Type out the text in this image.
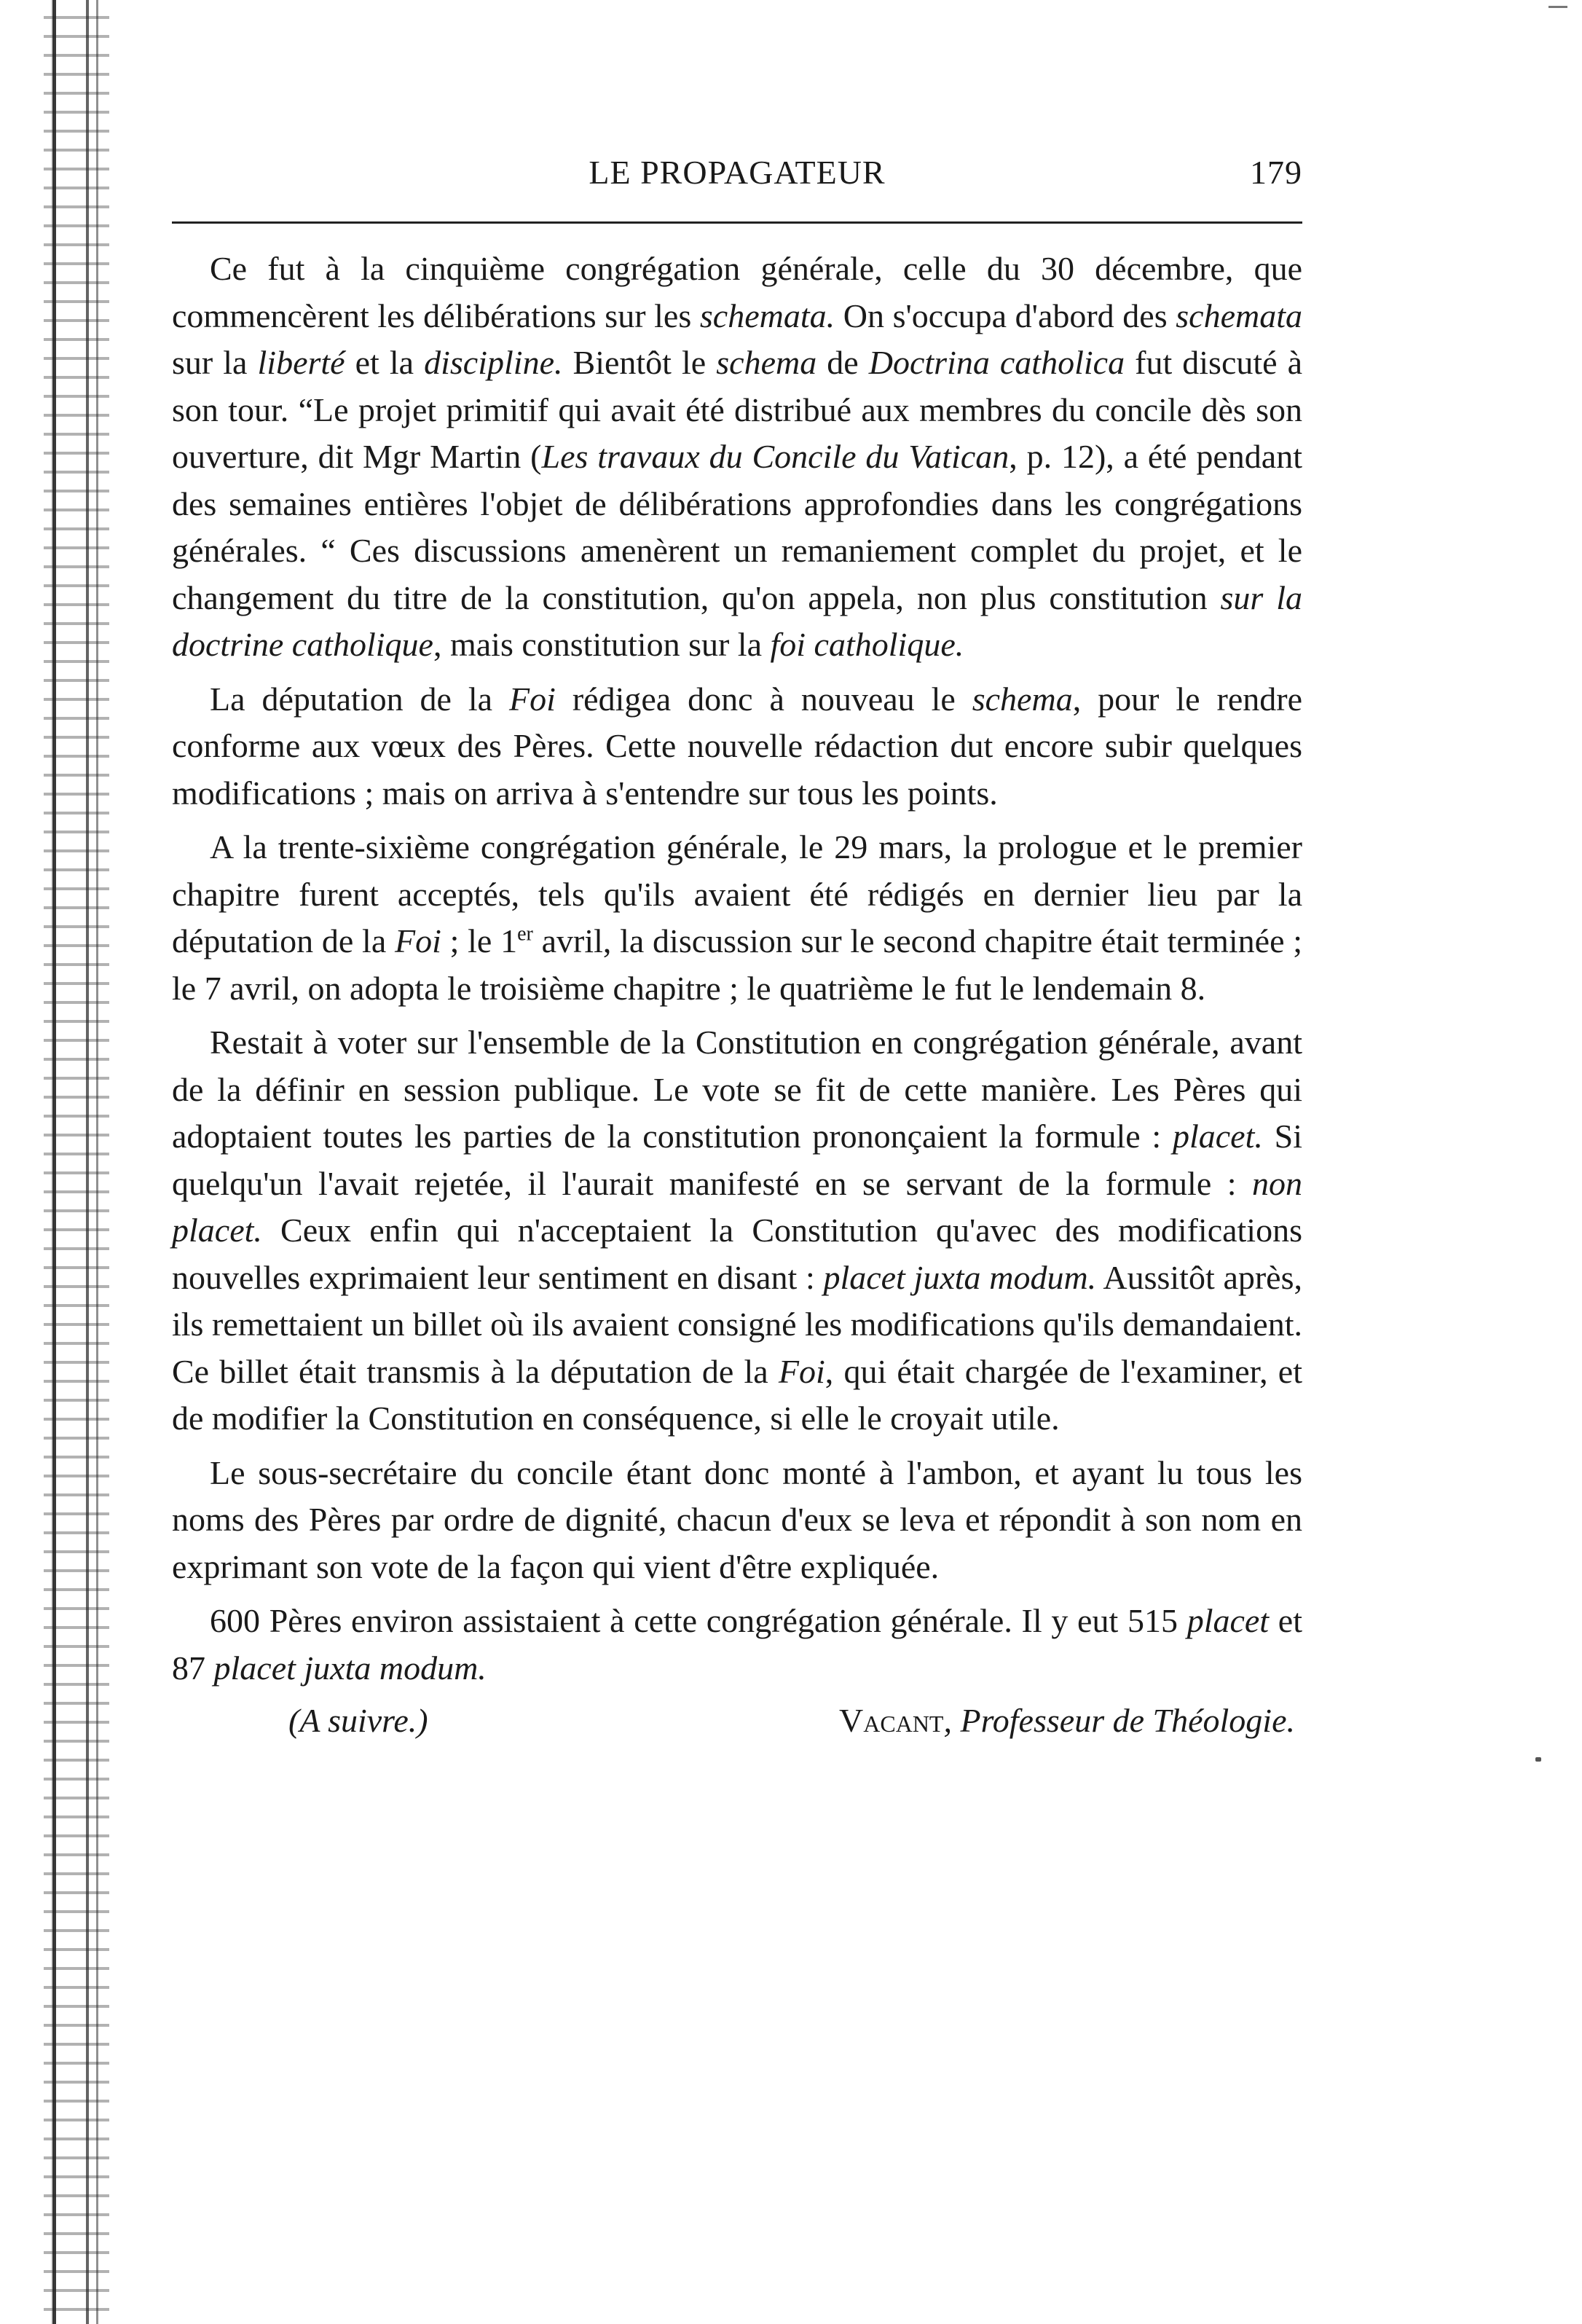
LE PROPAGATEUR	179

Ce fut à la cinquième congrégation générale, celle du 30 décembre, que commencèrent les délibérations sur les schemata. On s'occupa d'abord des schemata sur la liberté et la discipline. Bientôt le schema de Doctrina catholica fut discuté à son tour. “Le projet primitif qui avait été distribué aux membres du concile dès son ouverture, dit Mgr Martin (Les travaux du Concile du Vatican, p. 12), a été pendant des semaines entières l'objet de délibérations approfondies dans les congrégations générales. “ Ces discussions amenèrent un remaniement complet du projet, et le changement du titre de la constitution, qu'on appela, non plus constitution sur la doctrine catholique, mais constitution sur la foi catholique.

La députation de la Foi rédigea donc à nouveau le schema, pour le rendre conforme aux vœux des Pères. Cette nouvelle rédaction dut encore subir quelques modifications ; mais on arriva à s'entendre sur tous les points.

A la trente-sixième congrégation générale, le 29 mars, la prologue et le premier chapitre furent acceptés, tels qu'ils avaient été rédigés en dernier lieu par la députation de la Foi ; le 1er avril, la discussion sur le second chapitre était terminée ; le 7 avril, on adopta le troisième chapitre ; le quatrième le fut le lendemain 8.

Restait à voter sur l'ensemble de la Constitution en congrégation générale, avant de la définir en session publique. Le vote se fit de cette manière. Les Pères qui adoptaient toutes les parties de la constitution prononçaient la formule : placet. Si quelqu'un l'avait rejetée, il l'aurait manifesté en se servant de la formule : non placet. Ceux enfin qui n'acceptaient la Constitution qu'avec des modifications nouvelles exprimaient leur sentiment en disant : placet juxta modum. Aussitôt après, ils remettaient un billet où ils avaient consigné les modifications qu'ils demandaient. Ce billet était transmis à la députation de la Foi, qui était chargée de l'examiner, et de modifier la Constitution en conséquence, si elle le croyait utile.

Le sous-secrétaire du concile étant donc monté à l'ambon, et ayant lu tous les noms des Pères par ordre de dignité, chacun d'eux se leva et répondit à son nom en exprimant son vote de la façon qui vient d'être expliquée.

600 Pères environ assistaient à cette congrégation générale. Il y eut 515 placet et 87 placet juxta modum.

(A suivre.)	Vacant, Professeur de Théologie.
